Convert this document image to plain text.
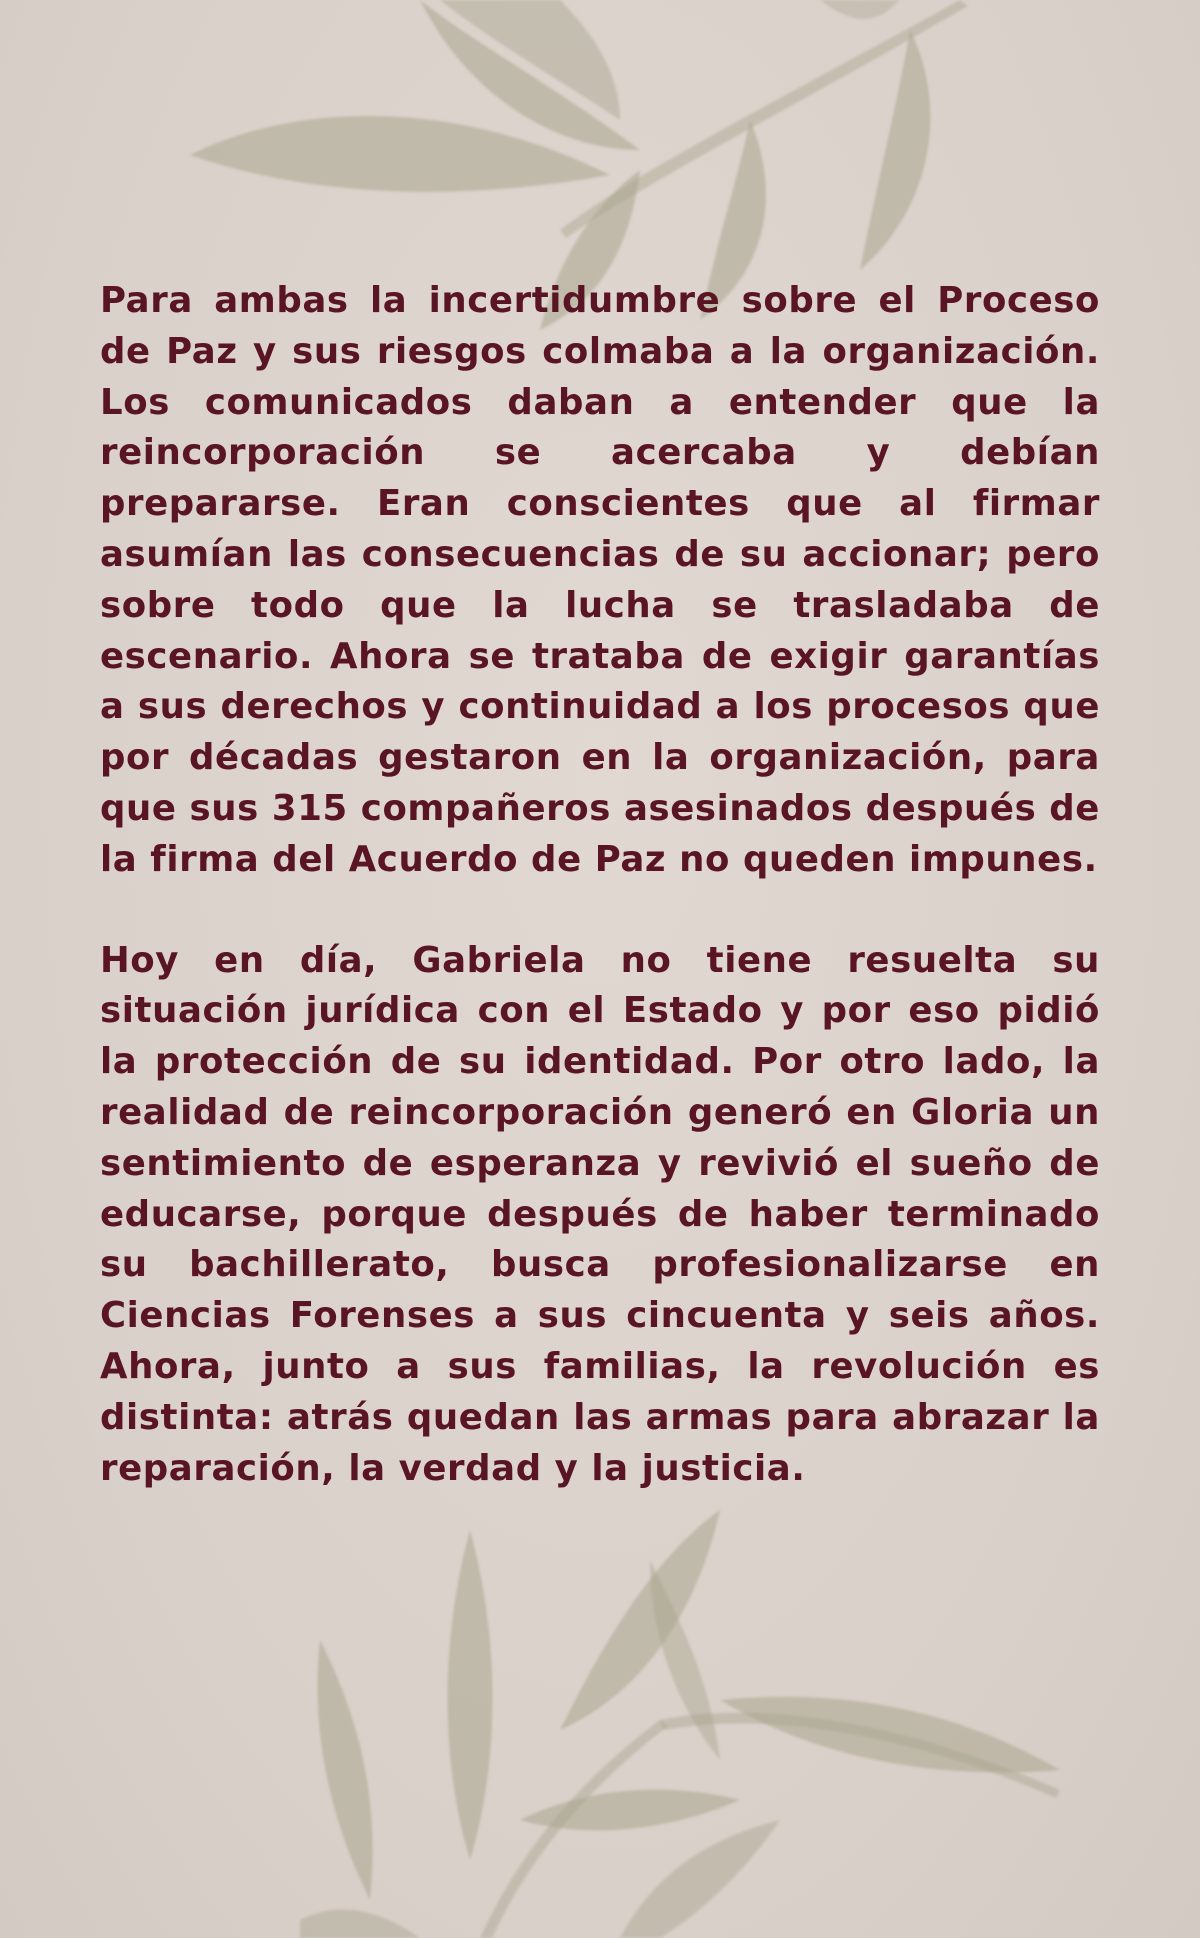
Para ambas la incertidumbre sobre el Proceso de Paz y sus riesgos colmaba a la organización. Los comunicados daban a entender que la reincorporación se acercaba y debían prepararse. Eran conscientes que al firmar asumían las consecuencias de su accionar; pero sobre todo que la lucha se trasladaba de escenario. Ahora se trataba de exigir garantías a sus derechos y continuidad a los procesos que por décadas gestaron en la organización, para que sus 315 compañeros asesinados después de la firma del Acuerdo de Paz no queden impunes.

Hoy en día, Gabriela no tiene resuelta su situación jurídica con el Estado y por eso pidió la protección de su identidad. Por otro lado, la realidad de reincorporación generó en Gloria un sentimiento de esperanza y revivió el sueño de educarse, porque después de haber terminado su bachillerato, busca profesionalizarse en Ciencias Forenses a sus cincuenta y seis años. Ahora, junto a sus familias, la revolución es distinta: atrás quedan las armas para abrazar la reparación, la verdad y la justicia.
